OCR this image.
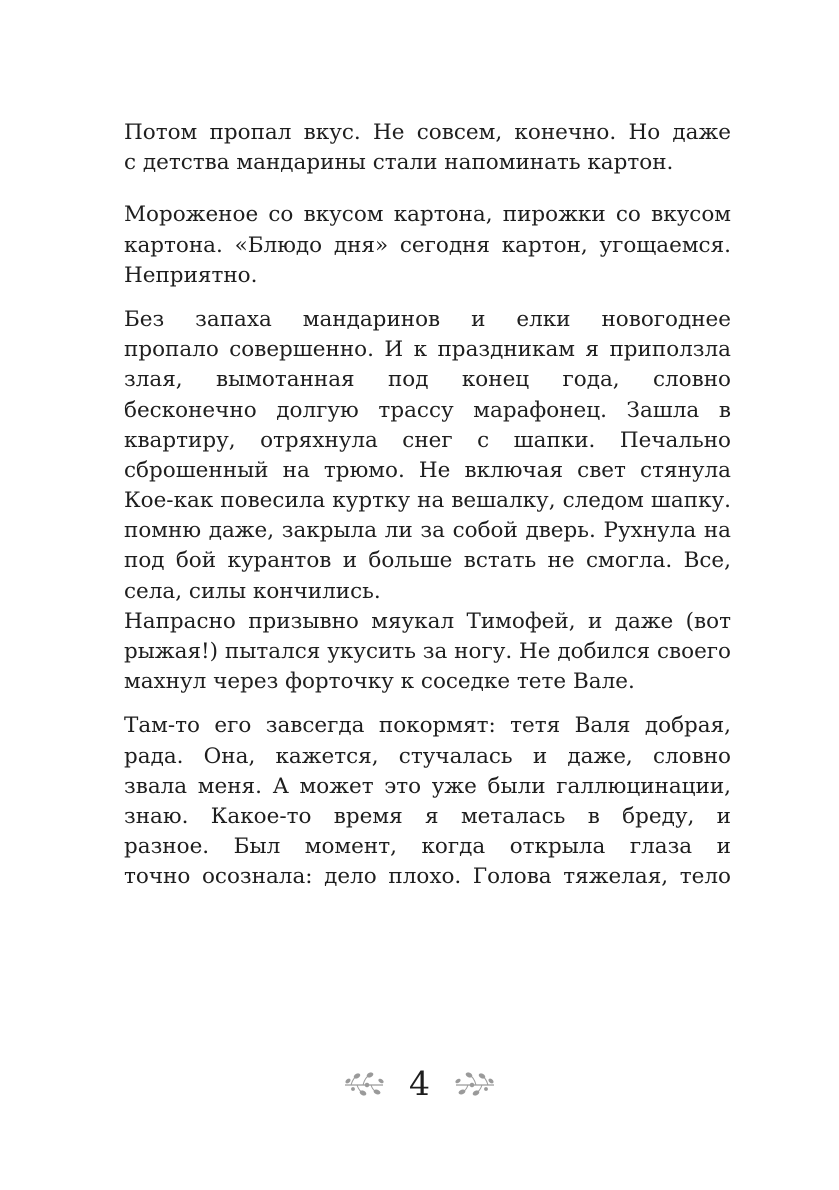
Потом пропал вкус. Не совсем, конечно. Но даже
с детства мандарины стали напоминать картон.

Мороженое со вкусом картона, пирожки со вкусом
картона. «Блюдо дня» сегодня картон, угощаемся.
Неприятно.

Без запаха мандаринов и елки новогоднее
пропало совершенно. И к праздникам я приползла
злая, вымотанная под конец года, словно
бесконечно долгую трассу марафонец. Зашла в
квартиру, отряхнула снег с шапки. Печально
сброшенный на трюмо. Не включая свет стянула
Кое-как повесила куртку на вешалку, следом шапку.
помню даже, закрыла ли за собой дверь. Рухнула на
под бой курантов и больше встать не смогла. Все,
села, силы кончились.

Напрасно призывно мяукал Тимофей, и даже (вот
рыжая!) пытался укусить за ногу. Не добился своего
махнул через форточку к соседке тете Вале.

Там-то его завсегда покормят: тетя Валя добрая,
рада. Она, кажется, стучалась и даже, словно
звала меня. А может это уже были галлюцинации,
знаю. Какое-то время я металась в бреду, и
разное. Был момент, когда открыла глаза и
точно осознала: дело плохо. Голова тяжелая, тело

4
